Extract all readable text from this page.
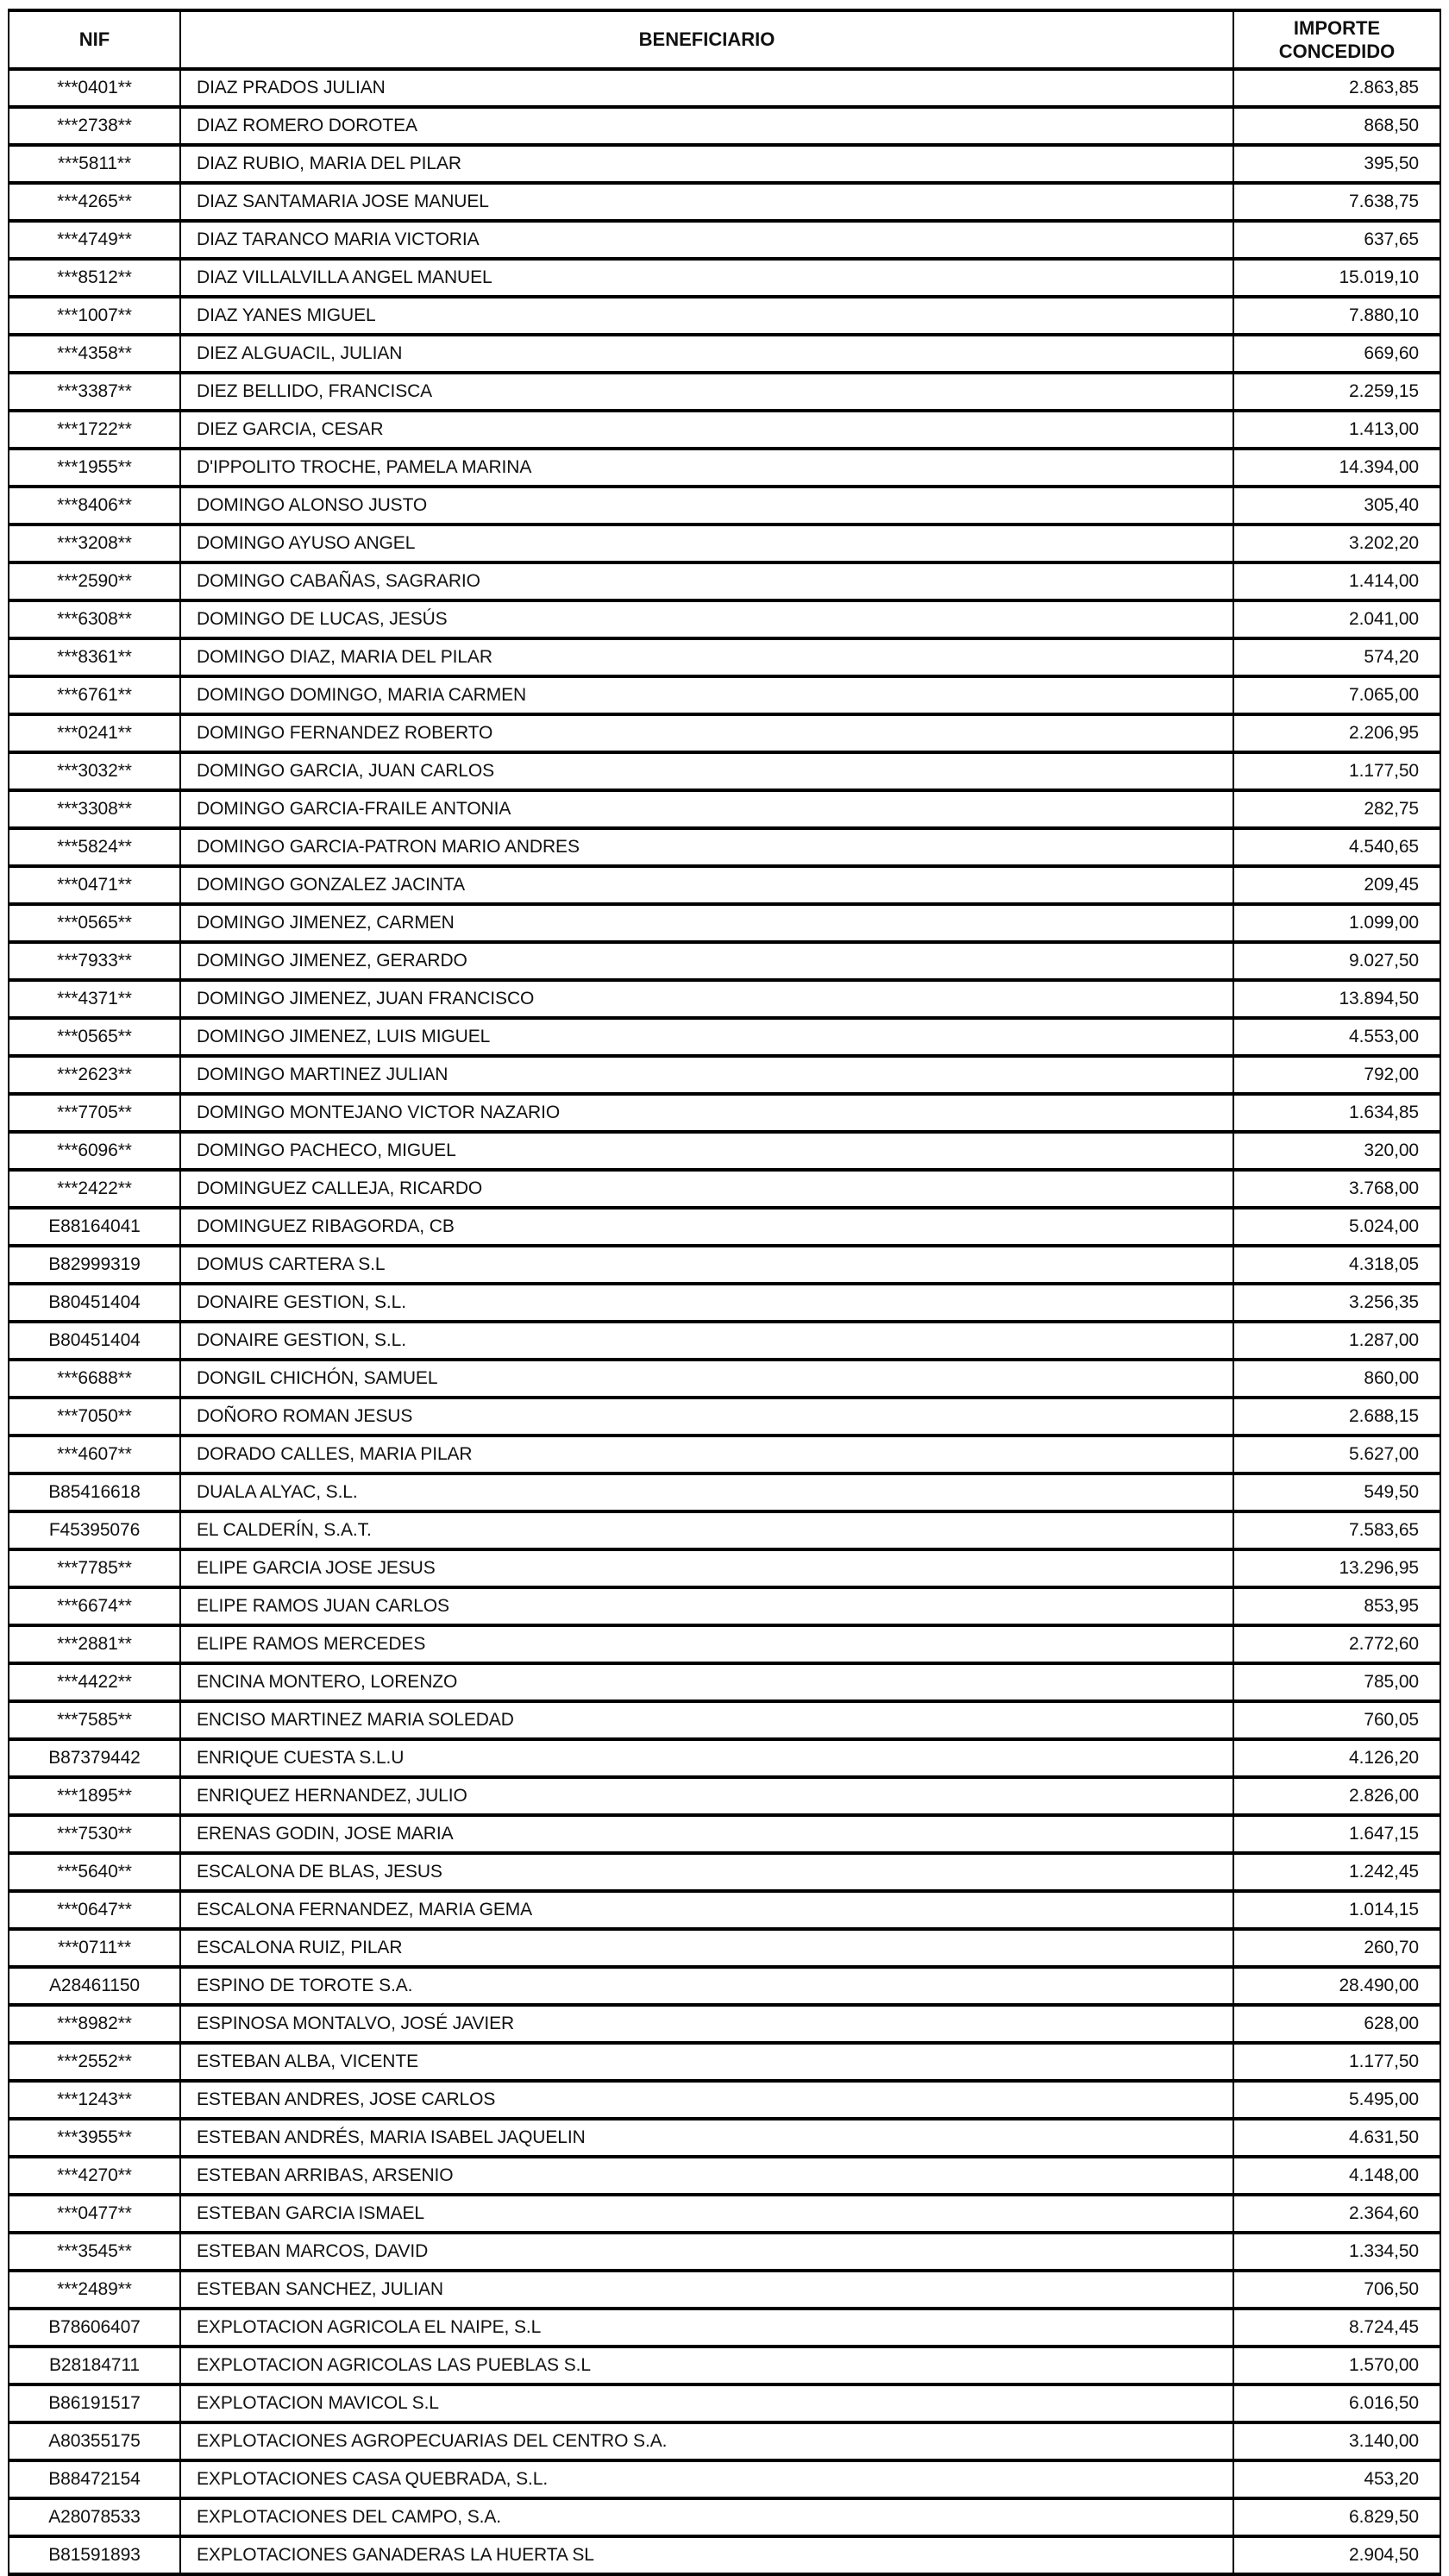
NIF	BENEFICIARIO	IMPORTE CONCEDIDO
***0401**	DIAZ PRADOS JULIAN	2.863,85
***2738**	DIAZ ROMERO DOROTEA	868,50
***5811**	DIAZ RUBIO, MARIA DEL PILAR	395,50
***4265**	DIAZ SANTAMARIA JOSE MANUEL	7.638,75
***4749**	DIAZ TARANCO MARIA VICTORIA	637,65
***8512**	DIAZ VILLALVILLA ANGEL MANUEL	15.019,10
***1007**	DIAZ YANES MIGUEL	7.880,10
***4358**	DIEZ ALGUACIL, JULIAN	669,60
***3387**	DIEZ BELLIDO, FRANCISCA	2.259,15
***1722**	DIEZ GARCIA, CESAR	1.413,00
***1955**	D'IPPOLITO TROCHE, PAMELA MARINA	14.394,00
***8406**	DOMINGO ALONSO JUSTO	305,40
***3208**	DOMINGO AYUSO ANGEL	3.202,20
***2590**	DOMINGO CABAÑAS, SAGRARIO	1.414,00
***6308**	DOMINGO DE LUCAS, JESÚS	2.041,00
***8361**	DOMINGO DIAZ, MARIA DEL PILAR	574,20
***6761**	DOMINGO DOMINGO, MARIA CARMEN	7.065,00
***0241**	DOMINGO FERNANDEZ ROBERTO	2.206,95
***3032**	DOMINGO GARCIA, JUAN CARLOS	1.177,50
***3308**	DOMINGO GARCIA-FRAILE ANTONIA	282,75
***5824**	DOMINGO GARCIA-PATRON MARIO ANDRES	4.540,65
***0471**	DOMINGO GONZALEZ JACINTA	209,45
***0565**	DOMINGO JIMENEZ, CARMEN	1.099,00
***7933**	DOMINGO JIMENEZ, GERARDO	9.027,50
***4371**	DOMINGO JIMENEZ, JUAN FRANCISCO	13.894,50
***0565**	DOMINGO JIMENEZ, LUIS MIGUEL	4.553,00
***2623**	DOMINGO MARTINEZ JULIAN	792,00
***7705**	DOMINGO MONTEJANO VICTOR NAZARIO	1.634,85
***6096**	DOMINGO PACHECO, MIGUEL	320,00
***2422**	DOMINGUEZ CALLEJA, RICARDO	3.768,00
E88164041	DOMINGUEZ RIBAGORDA, CB	5.024,00
B82999319	DOMUS CARTERA S.L	4.318,05
B80451404	DONAIRE GESTION, S.L.	3.256,35
B80451404	DONAIRE GESTION, S.L.	1.287,00
***6688**	DONGIL CHICHÓN, SAMUEL	860,00
***7050**	DOÑORO ROMAN JESUS	2.688,15
***4607**	DORADO CALLES, MARIA PILAR	5.627,00
B85416618	DUALA ALYAC, S.L.	549,50
F45395076	EL CALDERÍN, S.A.T.	7.583,65
***7785**	ELIPE GARCIA JOSE JESUS	13.296,95
***6674**	ELIPE RAMOS JUAN CARLOS	853,95
***2881**	ELIPE RAMOS MERCEDES	2.772,60
***4422**	ENCINA MONTERO, LORENZO	785,00
***7585**	ENCISO MARTINEZ MARIA SOLEDAD	760,05
B87379442	ENRIQUE CUESTA S.L.U	4.126,20
***1895**	ENRIQUEZ HERNANDEZ, JULIO	2.826,00
***7530**	ERENAS GODIN, JOSE MARIA	1.647,15
***5640**	ESCALONA DE BLAS, JESUS	1.242,45
***0647**	ESCALONA FERNANDEZ, MARIA GEMA	1.014,15
***0711**	ESCALONA RUIZ, PILAR	260,70
A28461150	ESPINO DE TOROTE S.A.	28.490,00
***8982**	ESPINOSA MONTALVO, JOSÉ JAVIER	628,00
***2552**	ESTEBAN ALBA, VICENTE	1.177,50
***1243**	ESTEBAN ANDRES, JOSE CARLOS	5.495,00
***3955**	ESTEBAN ANDRÉS, MARIA ISABEL JAQUELIN	4.631,50
***4270**	ESTEBAN ARRIBAS, ARSENIO	4.148,00
***0477**	ESTEBAN GARCIA ISMAEL	2.364,60
***3545**	ESTEBAN MARCOS, DAVID	1.334,50
***2489**	ESTEBAN SANCHEZ, JULIAN	706,50
B78606407	EXPLOTACION AGRICOLA EL NAIPE, S.L	8.724,45
B28184711	EXPLOTACION AGRICOLAS LAS PUEBLAS S.L	1.570,00
B86191517	EXPLOTACION MAVICOL S.L	6.016,50
A80355175	EXPLOTACIONES AGROPECUARIAS DEL CENTRO S.A.	3.140,00
B88472154	EXPLOTACIONES CASA QUEBRADA, S.L.	453,20
A28078533	EXPLOTACIONES DEL CAMPO, S.A.	6.829,50
B81591893	EXPLOTACIONES GANADERAS LA HUERTA SL	2.904,50
